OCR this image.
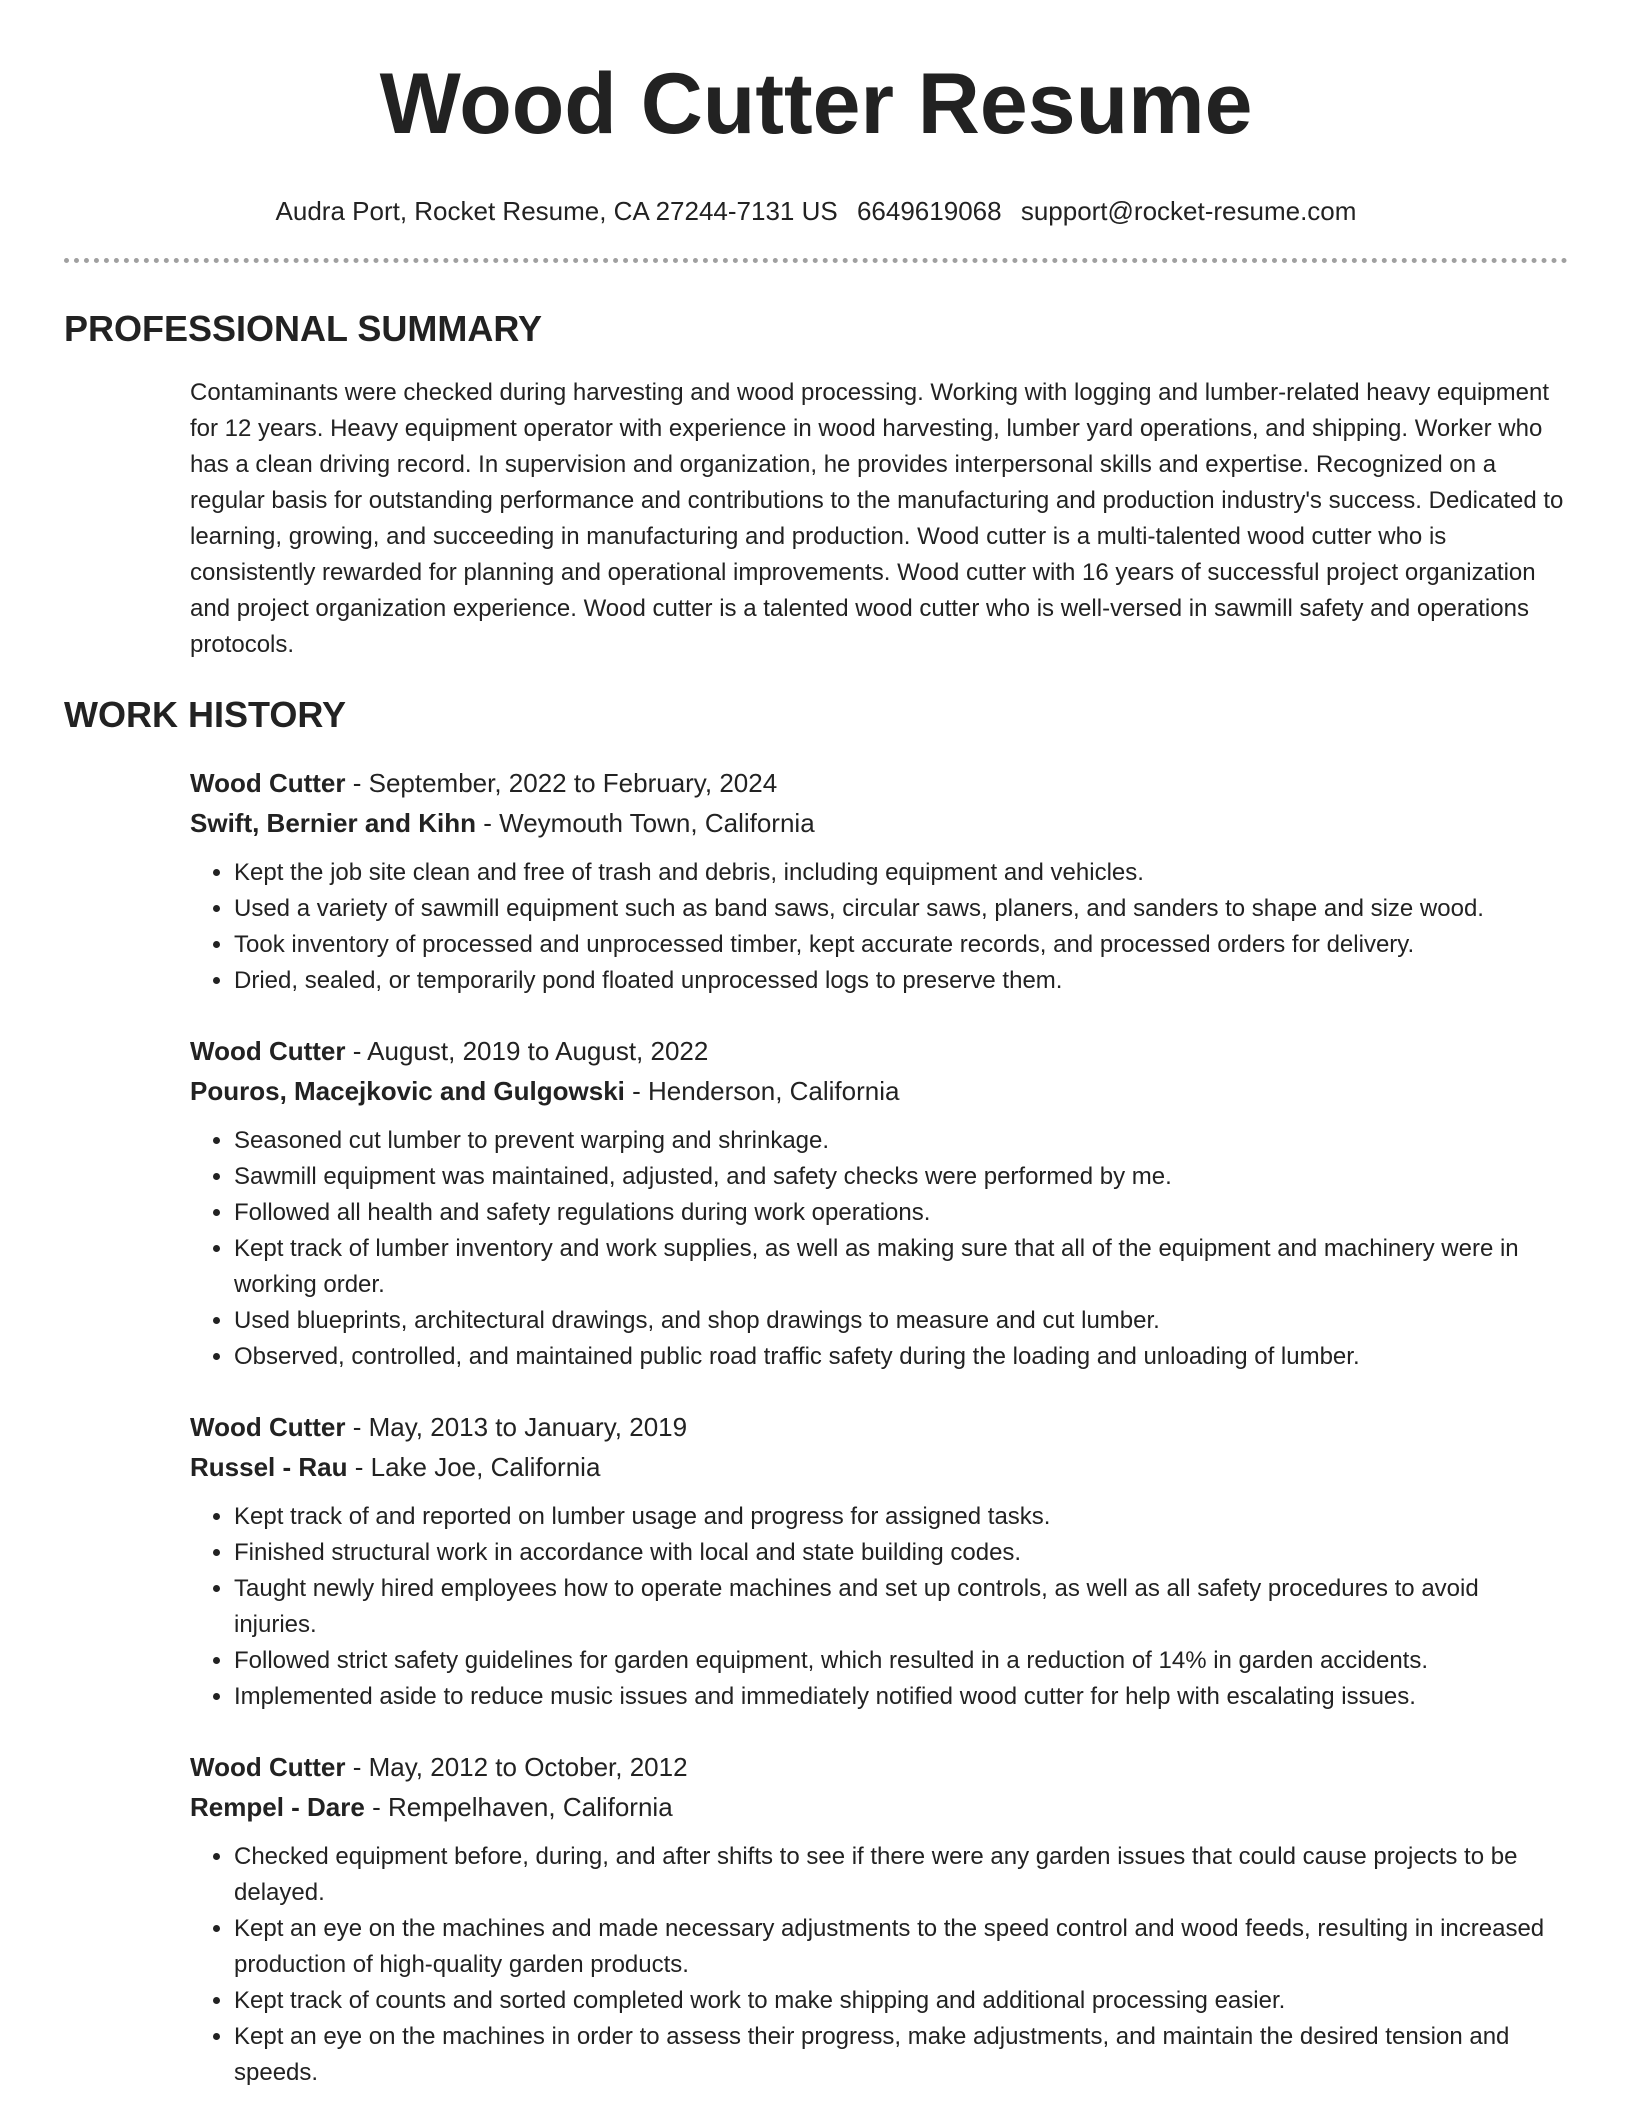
Wood Cutter Resume
Audra Port, Rocket Resume, CA 27244-7131 US 6649619068 support@rocket-resume.com
PROFESSIONAL SUMMARY

Contaminants were checked during harvesting and wood processing. Working with logging and lumber-related heavy equipment for 12 years. Heavy equipment operator with experience in wood harvesting, lumber yard operations, and shipping. Worker who has a clean driving record. In supervision and organization, he provides interpersonal skills and expertise. Recognized on a regular basis for outstanding performance and contributions to the manufacturing and production industry's success. Dedicated to learning, growing, and succeeding in manufacturing and production. Wood cutter is a multi-talented wood cutter who is consistently rewarded for planning and operational improvements. Wood cutter with 16 years of successful project organization and project organization experience. Wood cutter is a talented wood cutter who is well-versed in sawmill safety and operations protocols.

WORK HISTORY
Wood Cutter - September, 2022 to February, 2024
Swift, Bernier and Kihn - Weymouth Town, California
• Kept the job site clean and free of trash and debris, including equipment and vehicles.
• Used a variety of sawmill equipment such as band saws, circular saws, planers, and sanders to shape and size wood.
• Took inventory of processed and unprocessed timber, kept accurate records, and processed orders for delivery.
• Dried, sealed, or temporarily pond floated unprocessed logs to preserve them.
Wood Cutter - August, 2019 to August, 2022
Pouros, Macejkovic and Gulgowski - Henderson, California
• Seasoned cut lumber to prevent warping and shrinkage.
• Sawmill equipment was maintained, adjusted, and safety checks were performed by me.
• Followed all health and safety regulations during work operations.
• Kept track of lumber inventory and work supplies, as well as making sure that all of the equipment and machinery were in working order.
• Used blueprints, architectural drawings, and shop drawings to measure and cut lumber.
• Observed, controlled, and maintained public road traffic safety during the loading and unloading of lumber.
Wood Cutter - May, 2013 to January, 2019
Russel - Rau - Lake Joe, California
• Kept track of and reported on lumber usage and progress for assigned tasks.
• Finished structural work in accordance with local and state building codes.
• Taught newly hired employees how to operate machines and set up controls, as well as all safety procedures to avoid injuries.
• Followed strict safety guidelines for garden equipment, which resulted in a reduction of 14% in garden accidents.
• Implemented aside to reduce music issues and immediately notified wood cutter for help with escalating issues.
Wood Cutter - May, 2012 to October, 2012
Rempel - Dare - Rempelhaven, California
• Checked equipment before, during, and after shifts to see if there were any garden issues that could cause projects to be delayed.
• Kept an eye on the machines and made necessary adjustments to the speed control and wood feeds, resulting in increased production of high-quality garden products.
• Kept track of counts and sorted completed work to make shipping and additional processing easier.
• Kept an eye on the machines in order to assess their progress, make adjustments, and maintain the desired tension and speeds.
